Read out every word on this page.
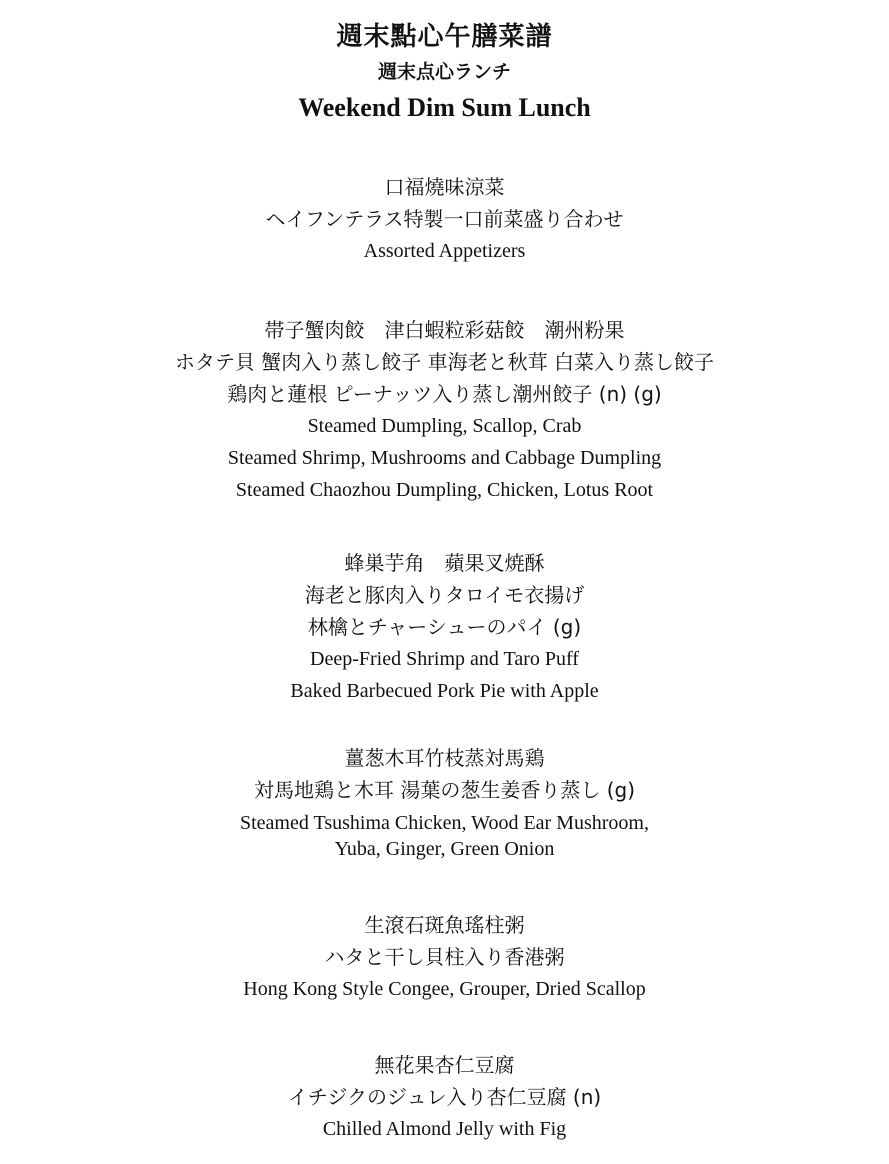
週末點心午膳菜譜
週末点心ランチ
Weekend Dim Sum Lunch
口福燒味涼菜
ヘイフンテラス特製一口前菜盛り合わせ
Assorted Appetizers
帯子蟹肉餃　津白蝦粒彩菇餃　潮州粉果
ホタテ貝 蟹肉入り蒸し餃子 車海老と秋茸 白菜入り蒸し餃子
鶏肉と蓮根 ピーナッツ入り蒸し潮州餃子 (n) (g)
Steamed Dumpling, Scallop, Crab
Steamed Shrimp, Mushrooms and Cabbage Dumpling
Steamed Chaozhou Dumpling, Chicken, Lotus Root
蜂巣芋角　蘋果叉焼酥
海老と豚肉入りタロイモ衣揚げ
林檎とチャーシューのパイ (g)
Deep-Fried Shrimp and Taro Puff
Baked Barbecued Pork Pie with Apple
薑葱木耳竹枝蒸対馬鶏
対馬地鶏と木耳 湯葉の葱生姜香り蒸し (g)
Steamed Tsushima Chicken, Wood Ear Mushroom,
Yuba, Ginger, Green Onion
生滾石斑魚瑤柱粥
ハタと干し貝柱入り香港粥
Hong Kong Style Congee, Grouper, Dried Scallop
無花果杏仁豆腐
イチジクのジュレ入り杏仁豆腐 (n)
Chilled Almond Jelly with Fig
